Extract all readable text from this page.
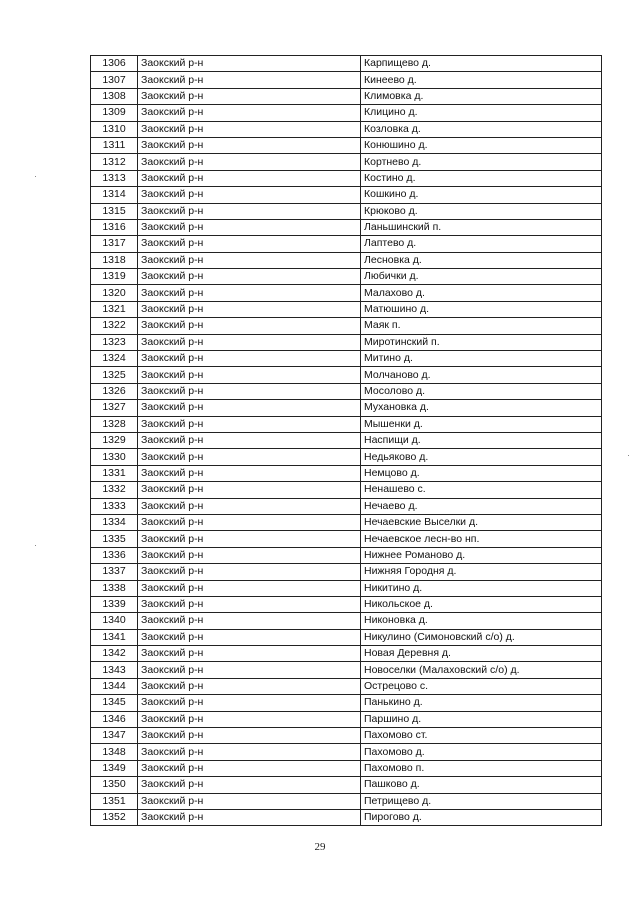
1306	Заокский р-н	Карпищево д.
1307	Заокский р-н	Кинеево д.
1308	Заокский р-н	Климовка д.
1309	Заокский р-н	Клицино д.
1310	Заокский р-н	Козловка д.
1311	Заокский р-н	Конюшино д.
1312	Заокский р-н	Кортнево д.
1313	Заокский р-н	Костино д.
1314	Заокский р-н	Кошкино д.
1315	Заокский р-н	Крюково д.
1316	Заокский р-н	Ланьшинский п.
1317	Заокский р-н	Лаптево д.
1318	Заокский р-н	Лесновка д.
1319	Заокский р-н	Любички д.
1320	Заокский р-н	Малахово д.
1321	Заокский р-н	Матюшино д.
1322	Заокский р-н	Маяк п.
1323	Заокский р-н	Миротинский п.
1324	Заокский р-н	Митино д.
1325	Заокский р-н	Молчаново д.
1326	Заокский р-н	Мосолово д.
1327	Заокский р-н	Мухановка д.
1328	Заокский р-н	Мышенки д.
1329	Заокский р-н	Наспищи д.
1330	Заокский р-н	Недьяково д.
1331	Заокский р-н	Немцово д.
1332	Заокский р-н	Ненашево с.
1333	Заокский р-н	Нечаево д.
1334	Заокский р-н	Нечаевские Выселки д.
1335	Заокский р-н	Нечаевское лесн-во нп.
1336	Заокский р-н	Нижнее Романово д.
1337	Заокский р-н	Нижняя Городня д.
1338	Заокский р-н	Никитино д.
1339	Заокский р-н	Никольское д.
1340	Заокский р-н	Никоновка д.
1341	Заокский р-н	Никулино (Симоновский с/о) д.
1342	Заокский р-н	Новая Деревня д.
1343	Заокский р-н	Новоселки (Малаховский с/о) д.
1344	Заокский р-н	Острецово с.
1345	Заокский р-н	Панькино д.
1346	Заокский р-н	Паршино д.
1347	Заокский р-н	Пахомово ст.
1348	Заокский р-н	Пахомово д.
1349	Заокский р-н	Пахомово п.
1350	Заокский р-н	Пашково д.
1351	Заокский р-н	Петрищево д.
1352	Заокский р-н	Пирогово д.
29
